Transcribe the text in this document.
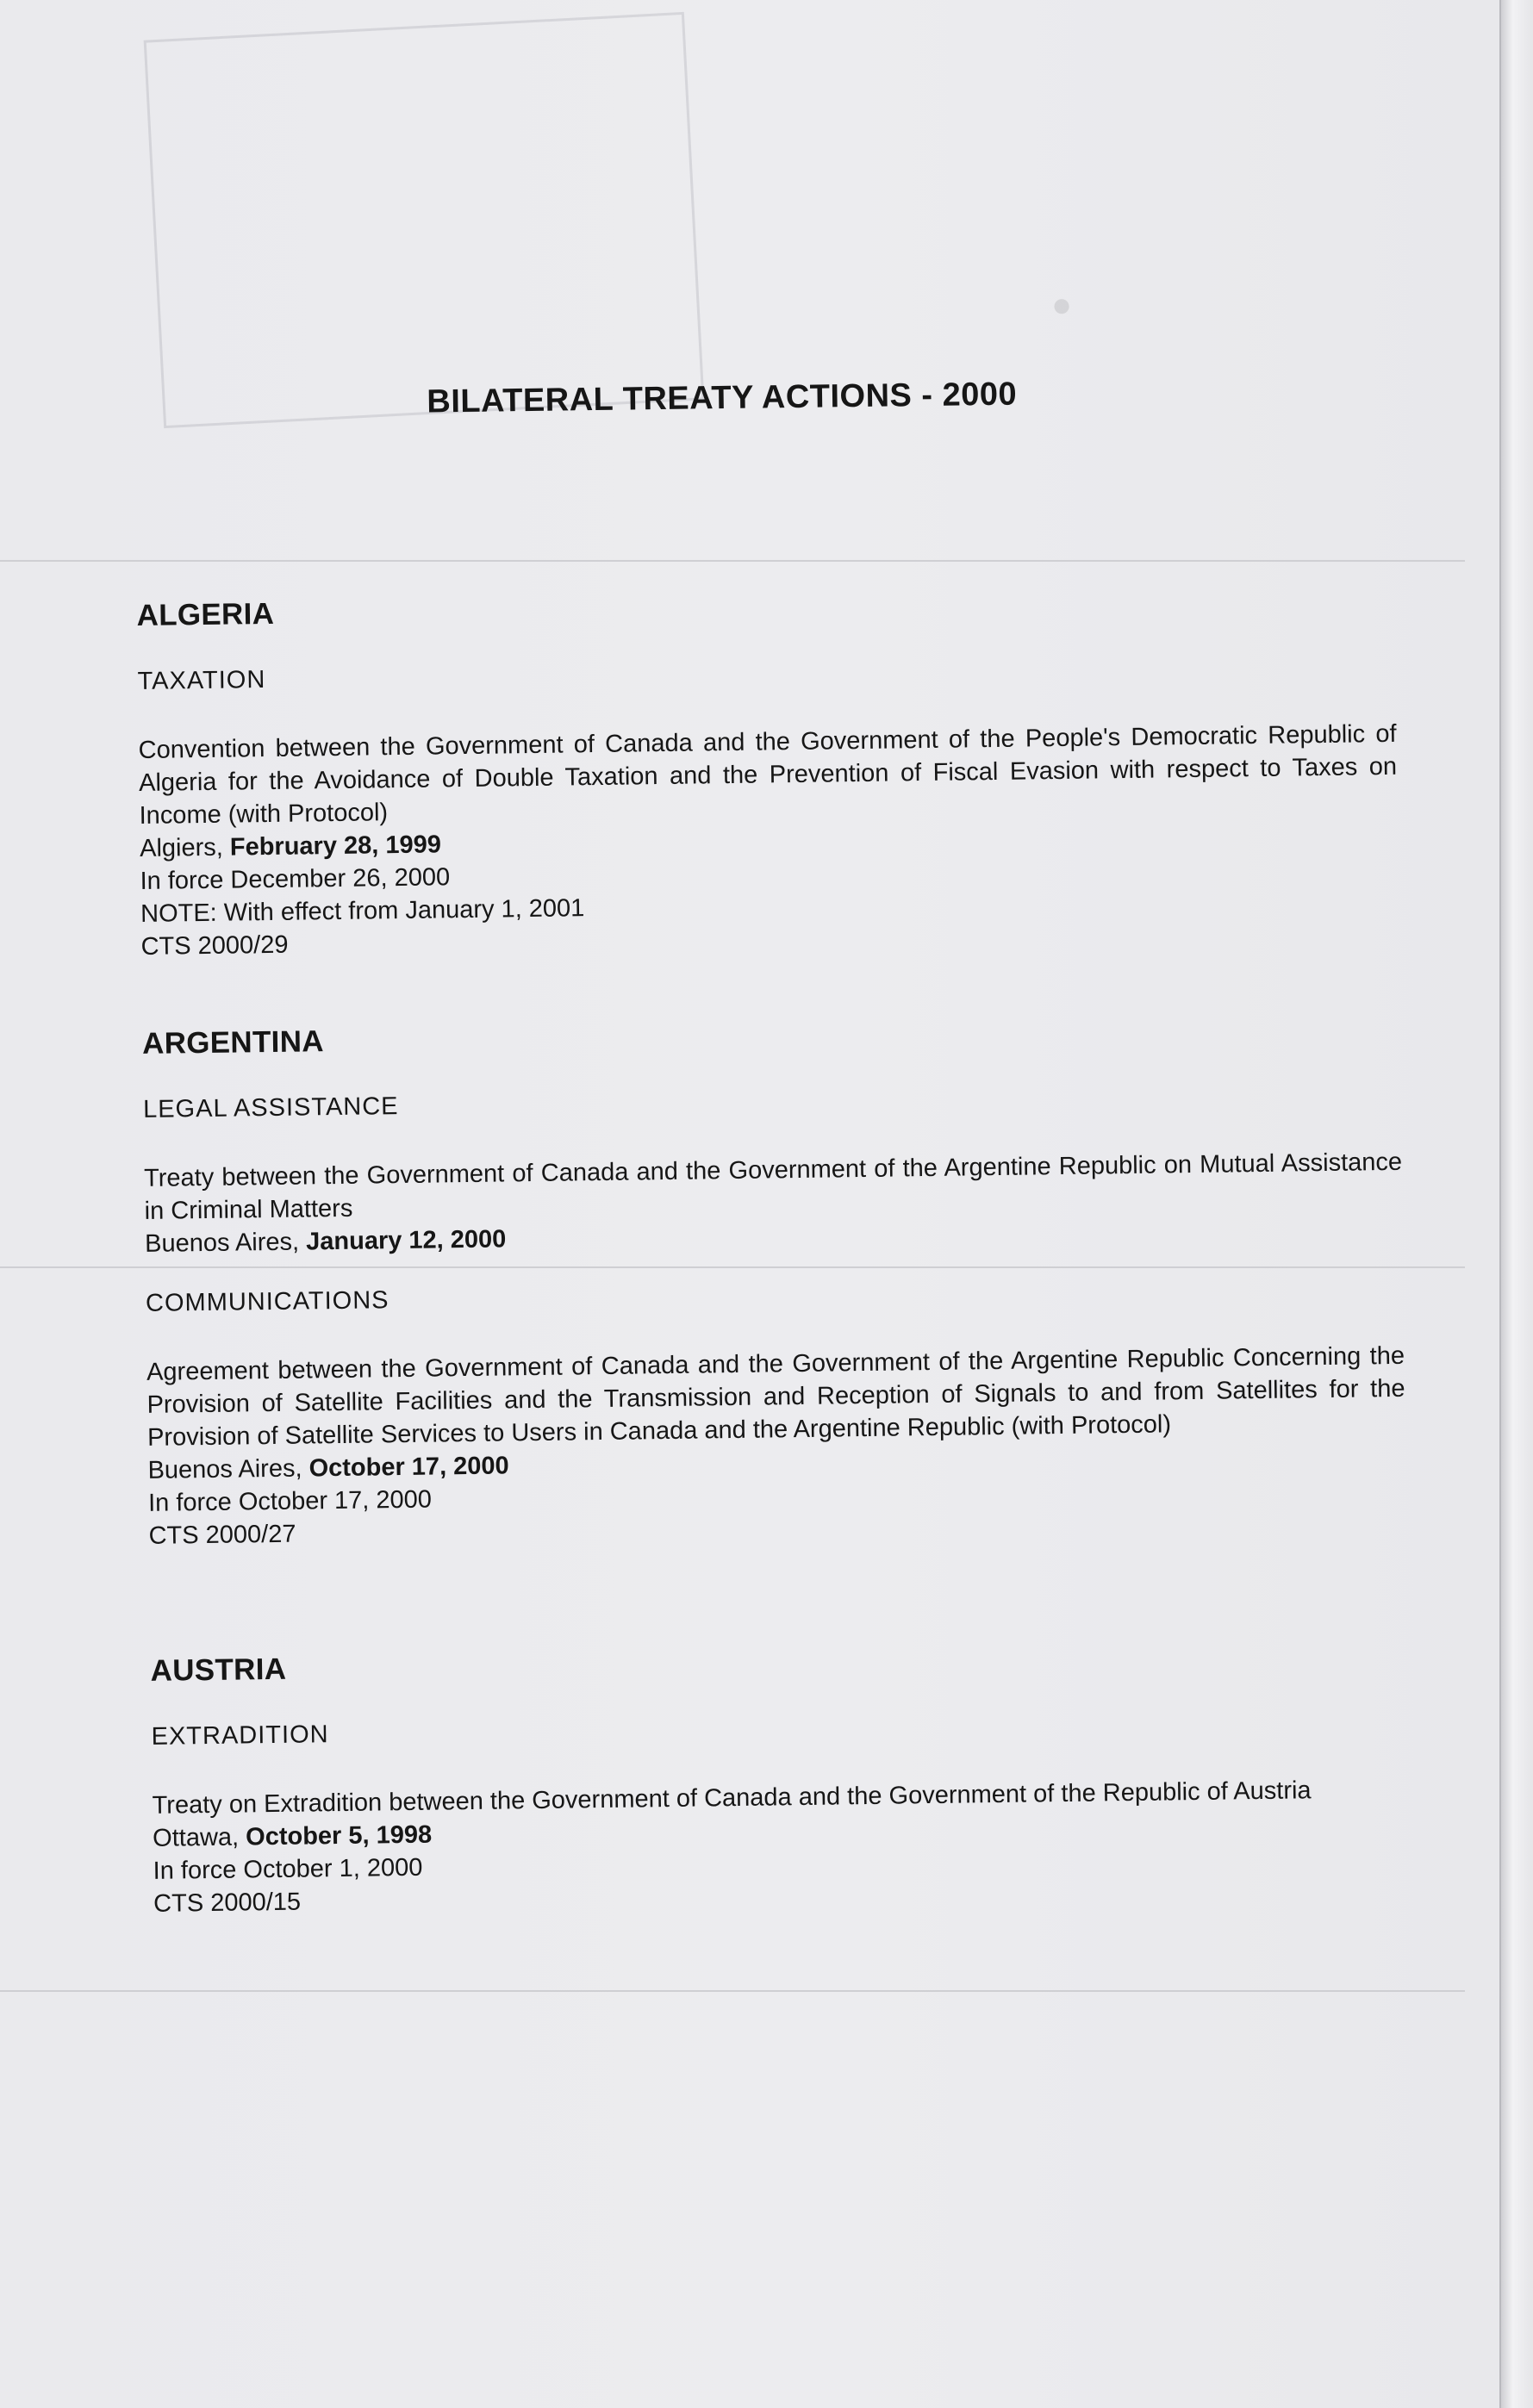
●
BILATERAL TREATY ACTIONS - 2000
ALGERIA
TAXATION

Convention between the Government of Canada and the Government of the People's Democratic Republic of Algeria for the Avoidance of Double Taxation and the Prevention of Fiscal Evasion with respect to Taxes on Income (with Protocol)

Algiers, February 28, 1999

In force December 26, 2000

NOTE: With effect from January 1, 2001

CTS 2000/29

ARGENTINA
LEGAL ASSISTANCE

Treaty between the Government of Canada and the Government of the Argentine Republic on Mutual Assistance in Criminal Matters

Buenos Aires, January 12, 2000

COMMUNICATIONS

Agreement between the Government of Canada and the Government of the Argentine Republic Concerning the Provision of Satellite Facilities and the Transmission and Reception of Signals to and from Satellites for the Provision of Satellite Services to Users in Canada and the Argentine Republic (with Protocol)

Buenos Aires, October 17, 2000

In force October 17, 2000

CTS 2000/27

AUSTRIA
EXTRADITION

Treaty on Extradition between the Government of Canada and the Government of the Republic of Austria

Ottawa, October 5, 1998

In force October 1, 2000

CTS 2000/15
